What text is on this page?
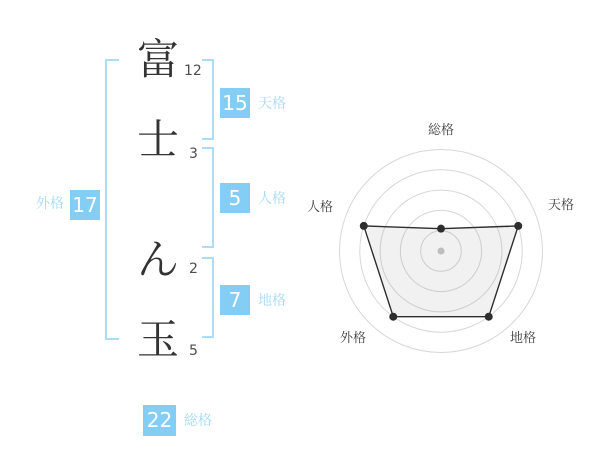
富
士
ん
玉
12
3
2
5
外格 17
15 天格
5	人格
7	地格
22 総格
総格
天格
地格
外格
人格
